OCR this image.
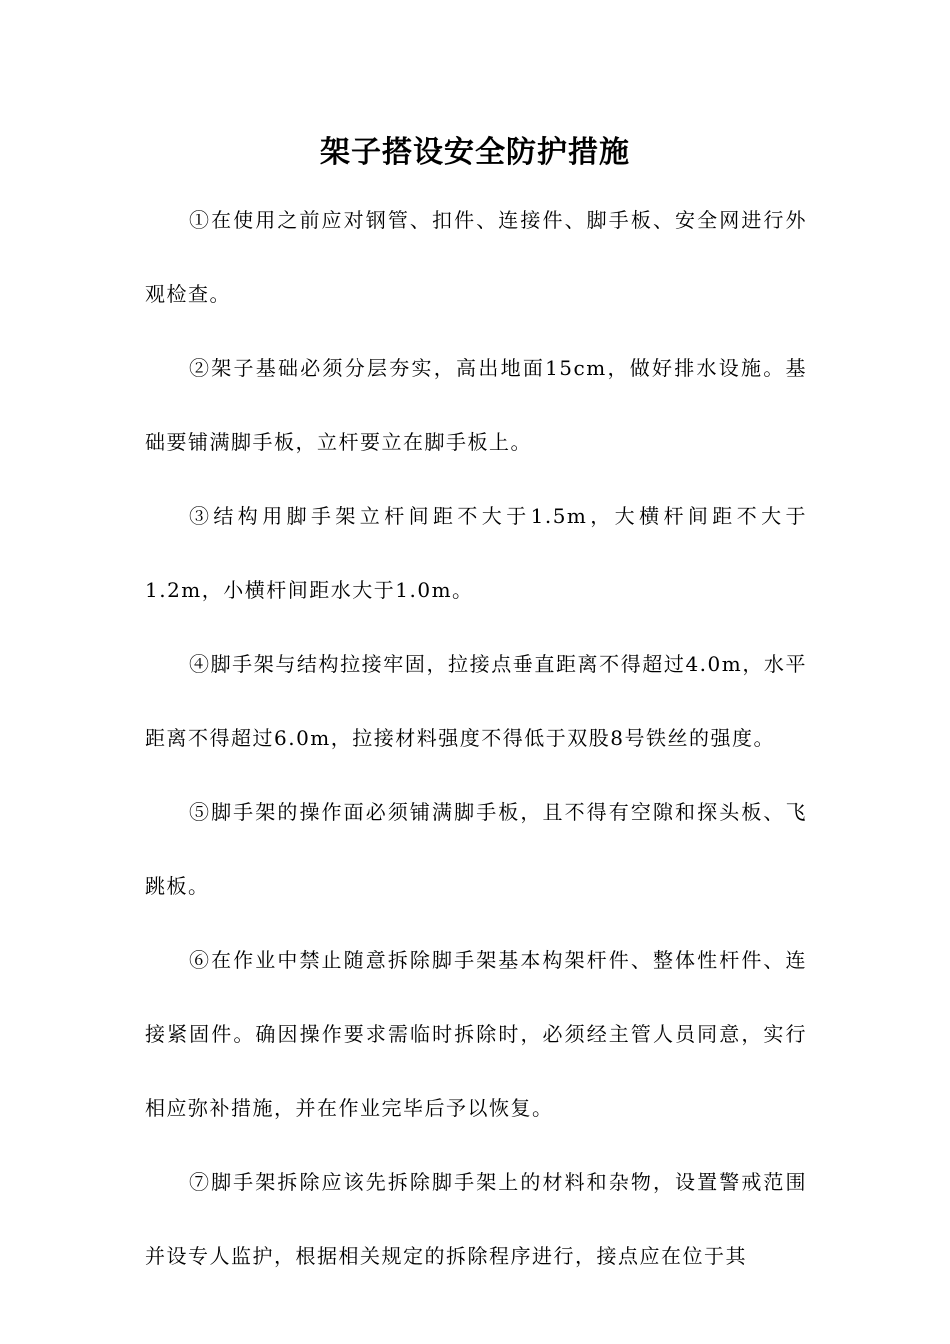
架子搭设安全防护措施

①在使用之前应对钢管、扣件、连接件、脚手板、安全网进行外观检查。

②架子基础必须分层夯实，高出地面15cm，做好排水设施。基础要铺满脚手板，立杆要立在脚手板上。

③结构用脚手架立杆间距不大于1.5m，大横杆间距不大于1.2m，小横杆间距水大于1.0m。

④脚手架与结构拉接牢固，拉接点垂直距离不得超过4.0m，水平距离不得超过6.0m，拉接材料强度不得低于双股8号铁丝的强度。

⑤脚手架的操作面必须铺满脚手板，且不得有空隙和探头板、飞跳板。

⑥在作业中禁止随意拆除脚手架基本构架杆件、整体性杆件、连接紧固件。确因操作要求需临时拆除时，必须经主管人员同意，实行相应弥补措施，并在作业完毕后予以恢复。

⑦脚手架拆除应该先拆除脚手架上的材料和杂物，设置警戒范围并设专人监护，根据相关规定的拆除程序进行，接点应在位于其
